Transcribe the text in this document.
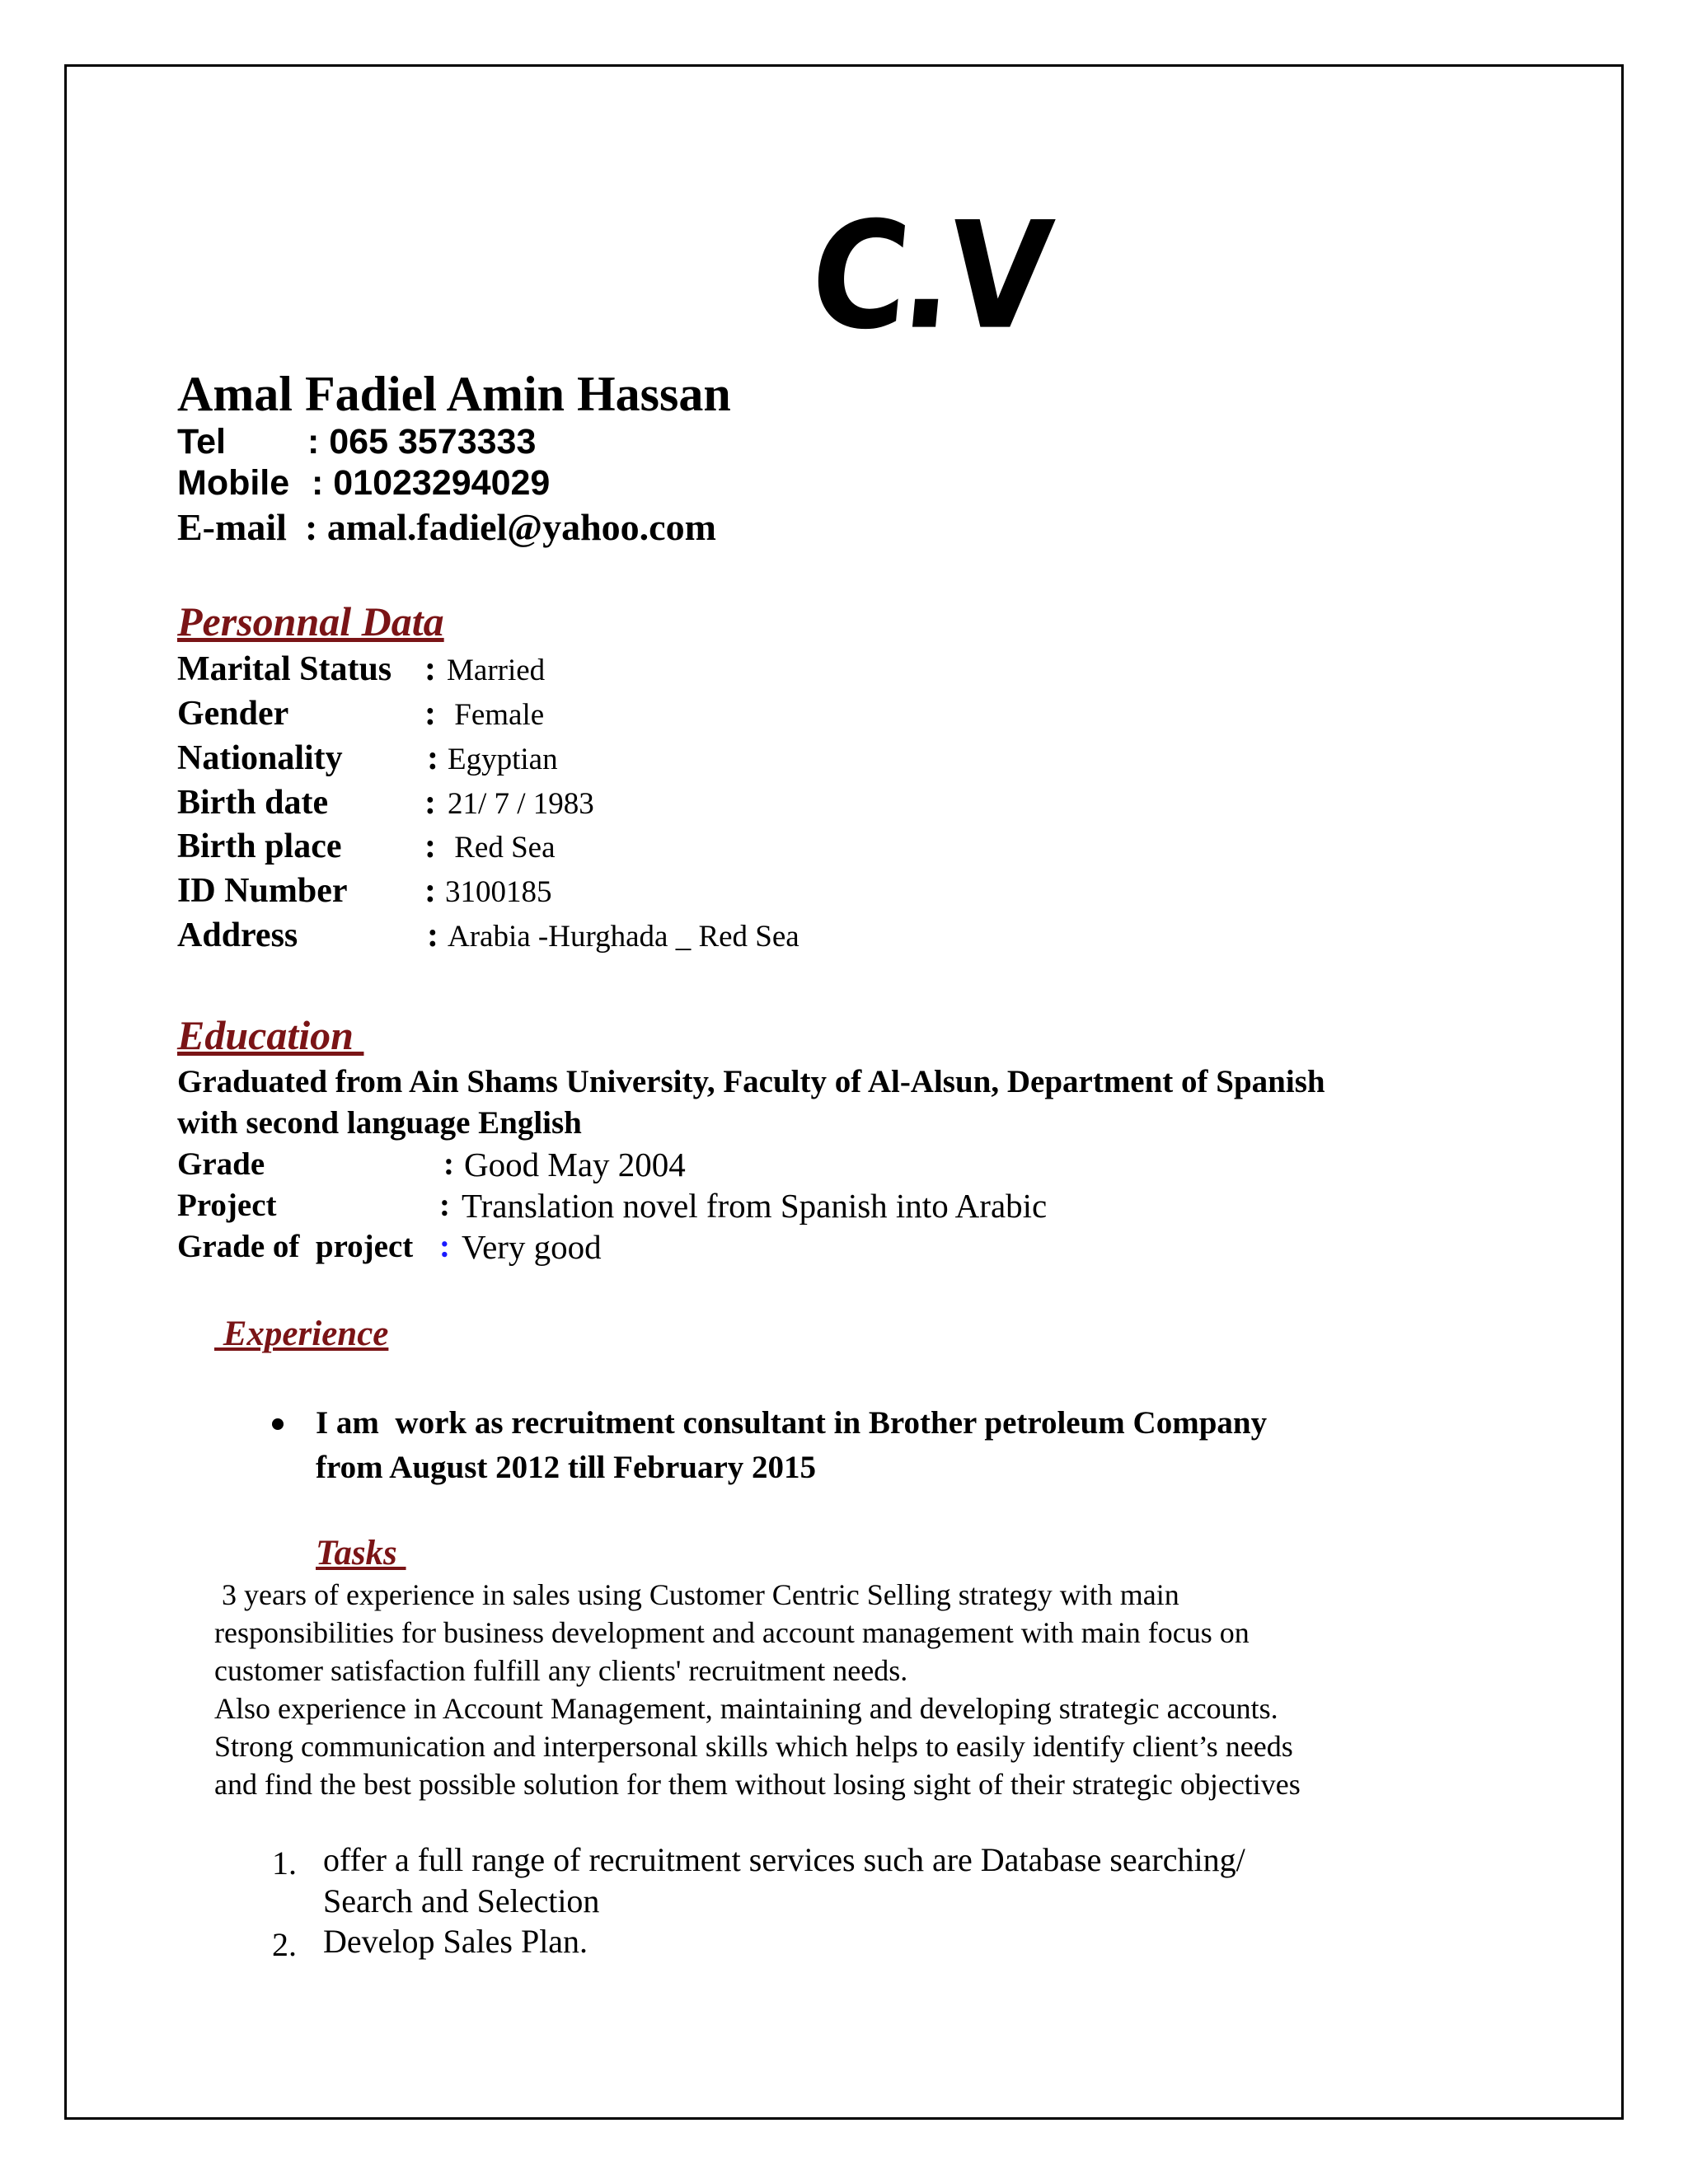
C.V
Amal Fadiel Amin Hassan
Tel : 065 3573333
Mobile : 01023294029
E-mail : amal.fadiel@yahoo.com
Personnal Data
Marital Status : Married
Gender	: Female
Nationality : Egyptian
Birth date	: 21/ 7 / 1983
Birth place : Red Sea
ID Number : 3100185
Address	: Arabia -Hurghada _ Red Sea
Education
Graduated from Ain Shams University, Faculty of Al-Alsun, Department of Spanish
with second language English
Grade	: Good May 2004
Project	: Translation novel from Spanish into Arabic
Grade of  project : Very good
Experience
I am  work as recruitment consultant in Brother petroleum Company
from August 2012 till February 2015
Tasks
3 years of experience in sales using Customer Centric Selling strategy with main
responsibilities for business development and account management with main focus on
customer satisfaction fulfill any clients' recruitment needs.
Also experience in Account Management, maintaining and developing strategic accounts.
Strong communication and interpersonal skills which helps to easily identify client’s needs
and find the best possible solution for them without losing sight of their strategic objectives
1. offer a full range of recruitment services such are Database searching/
Search and Selection
2. Develop Sales Plan.
